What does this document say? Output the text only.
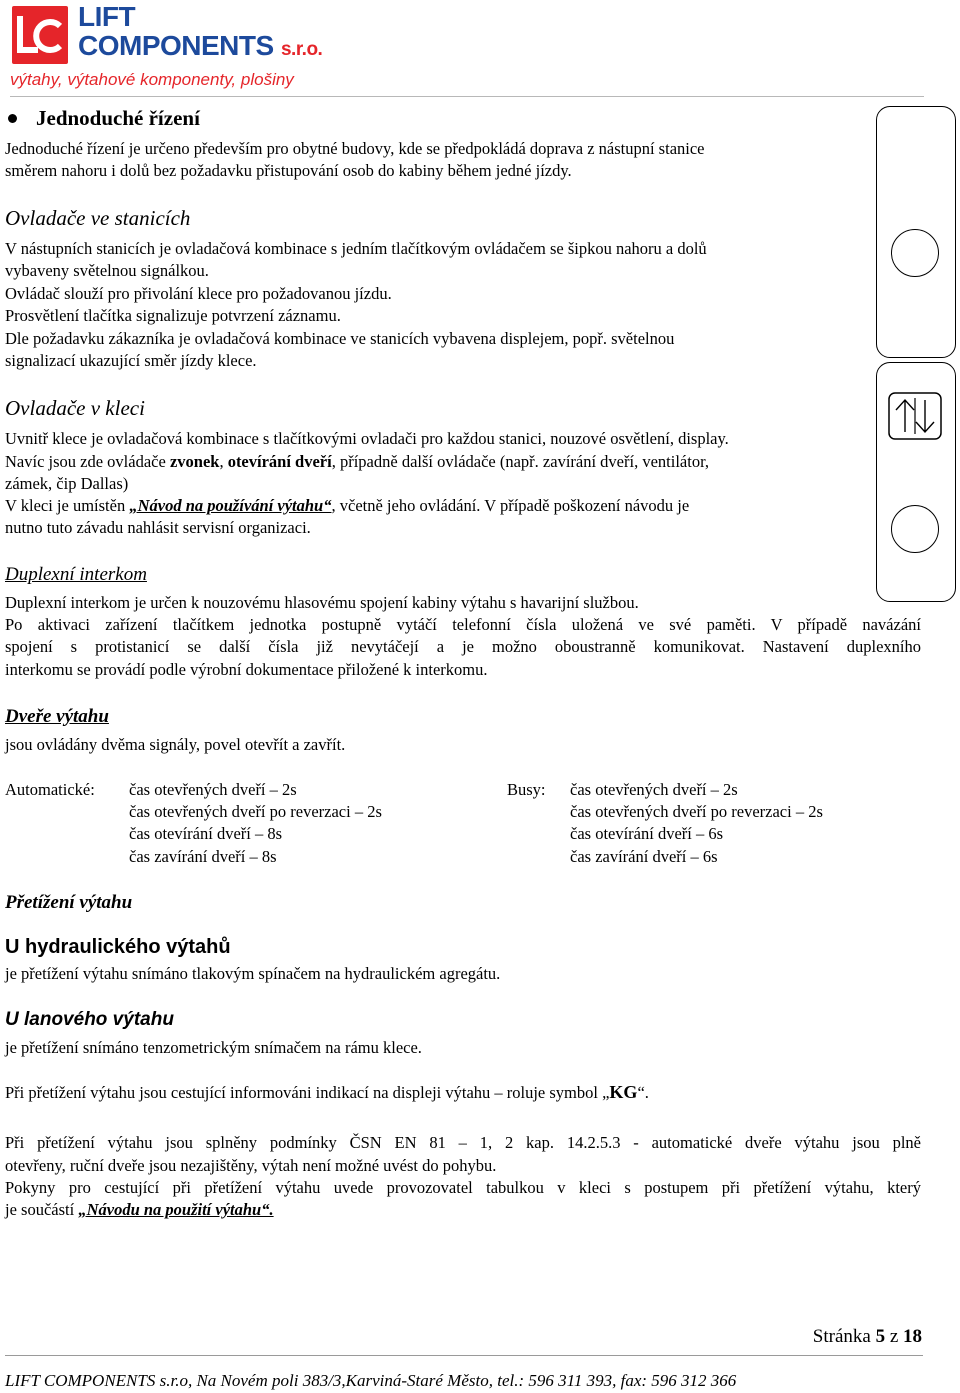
LIFT
COMPONENTS s.r.o.
výtahy, výtahové komponenty, plošiny
Jednoduché řízení
Jednoduché řízení je určeno především pro obytné budovy, kde se předpokládá doprava z nástupní stanice
směrem nahoru i dolů bez požadavku přistupování osob do kabiny během jedné jízdy.
Ovladače ve stanicích
V nástupních stanicích je ovladačová kombinace s jedním tlačítkovým ovládačem se šipkou nahoru a dolů
vybaveny světelnou signálkou.
Ovládač slouží pro přivolání klece pro požadovanou jízdu.
Prosvětlení tlačítka signalizuje potvrzení záznamu.
Dle požadavku zákazníka je ovladačová kombinace ve stanicích vybavena displejem, popř. světelnou
signalizací ukazující směr jízdy klece.
Ovladače v kleci
Uvnitř klece je ovladačová kombinace s tlačítkovými ovladači pro každou stanici, nouzové osvětlení, display.
Navíc jsou zde ovládače zvonek, otevírání dveří, případně další ovládače (např. zavírání dveří, ventilátor,
zámek, čip Dallas)
V kleci je umístěn „Návod na používání výtahu“, včetně jeho ovládání. V případě poškození návodu je
nutno tuto závadu nahlásit servisní organizaci.
Duplexní interkom
Duplexní interkom je určen k nouzovému hlasovému spojení kabiny výtahu s havarijní službou.
Po aktivaci zařízení tlačítkem jednotka postupně vytáčí telefonní čísla uložená ve své paměti. V případě navázání
spojení s protistanicí se další čísla již nevytáčejí a je možno oboustranně komunikovat. Nastavení duplexního
interkomu se provádí podle výrobní dokumentace přiložené k interkomu.
Dveře výtahu
jsou ovládány dvěma signály, povel otevřít a zavřít.
Automatické: čas otevřených dveří – 2s
čas otevřených dveří po reverzaci – 2s
čas otevírání dveří – 8s
čas zavírání dveří – 8s
Busy: čas otevřených dveří – 2s
čas otevřených dveří po reverzaci – 2s
čas otevírání dveří – 6s
čas zavírání dveří – 6s
Přetížení výtahu
U hydraulického výtahů
je přetížení výtahu snímáno tlakovým spínačem na hydraulickém agregátu.
U lanového výtahu
je přetížení snímáno tenzometrickým snímačem na rámu klece.
Při přetížení výtahu jsou cestující informováni indikací na displeji výtahu – roluje symbol „KG“.
Při přetížení výtahu jsou splněny podmínky ČSN EN 81 – 1, 2 kap. 14.2.5.3 - automatické dveře výtahu jsou plně
otevřeny, ruční dveře jsou nezajištěny, výtah není možné uvést do pohybu.
Pokyny pro cestující při přetížení výtahu uvede provozovatel tabulkou v kleci s postupem při přetížení výtahu, který
je součástí „Návodu na použití výtahu“.
Stránka 5 z 18
LIFT COMPONENTS s.r.o, Na Novém poli 383/3,Karviná-Staré Město, tel.: 596 311 393, fax: 596 312 366
